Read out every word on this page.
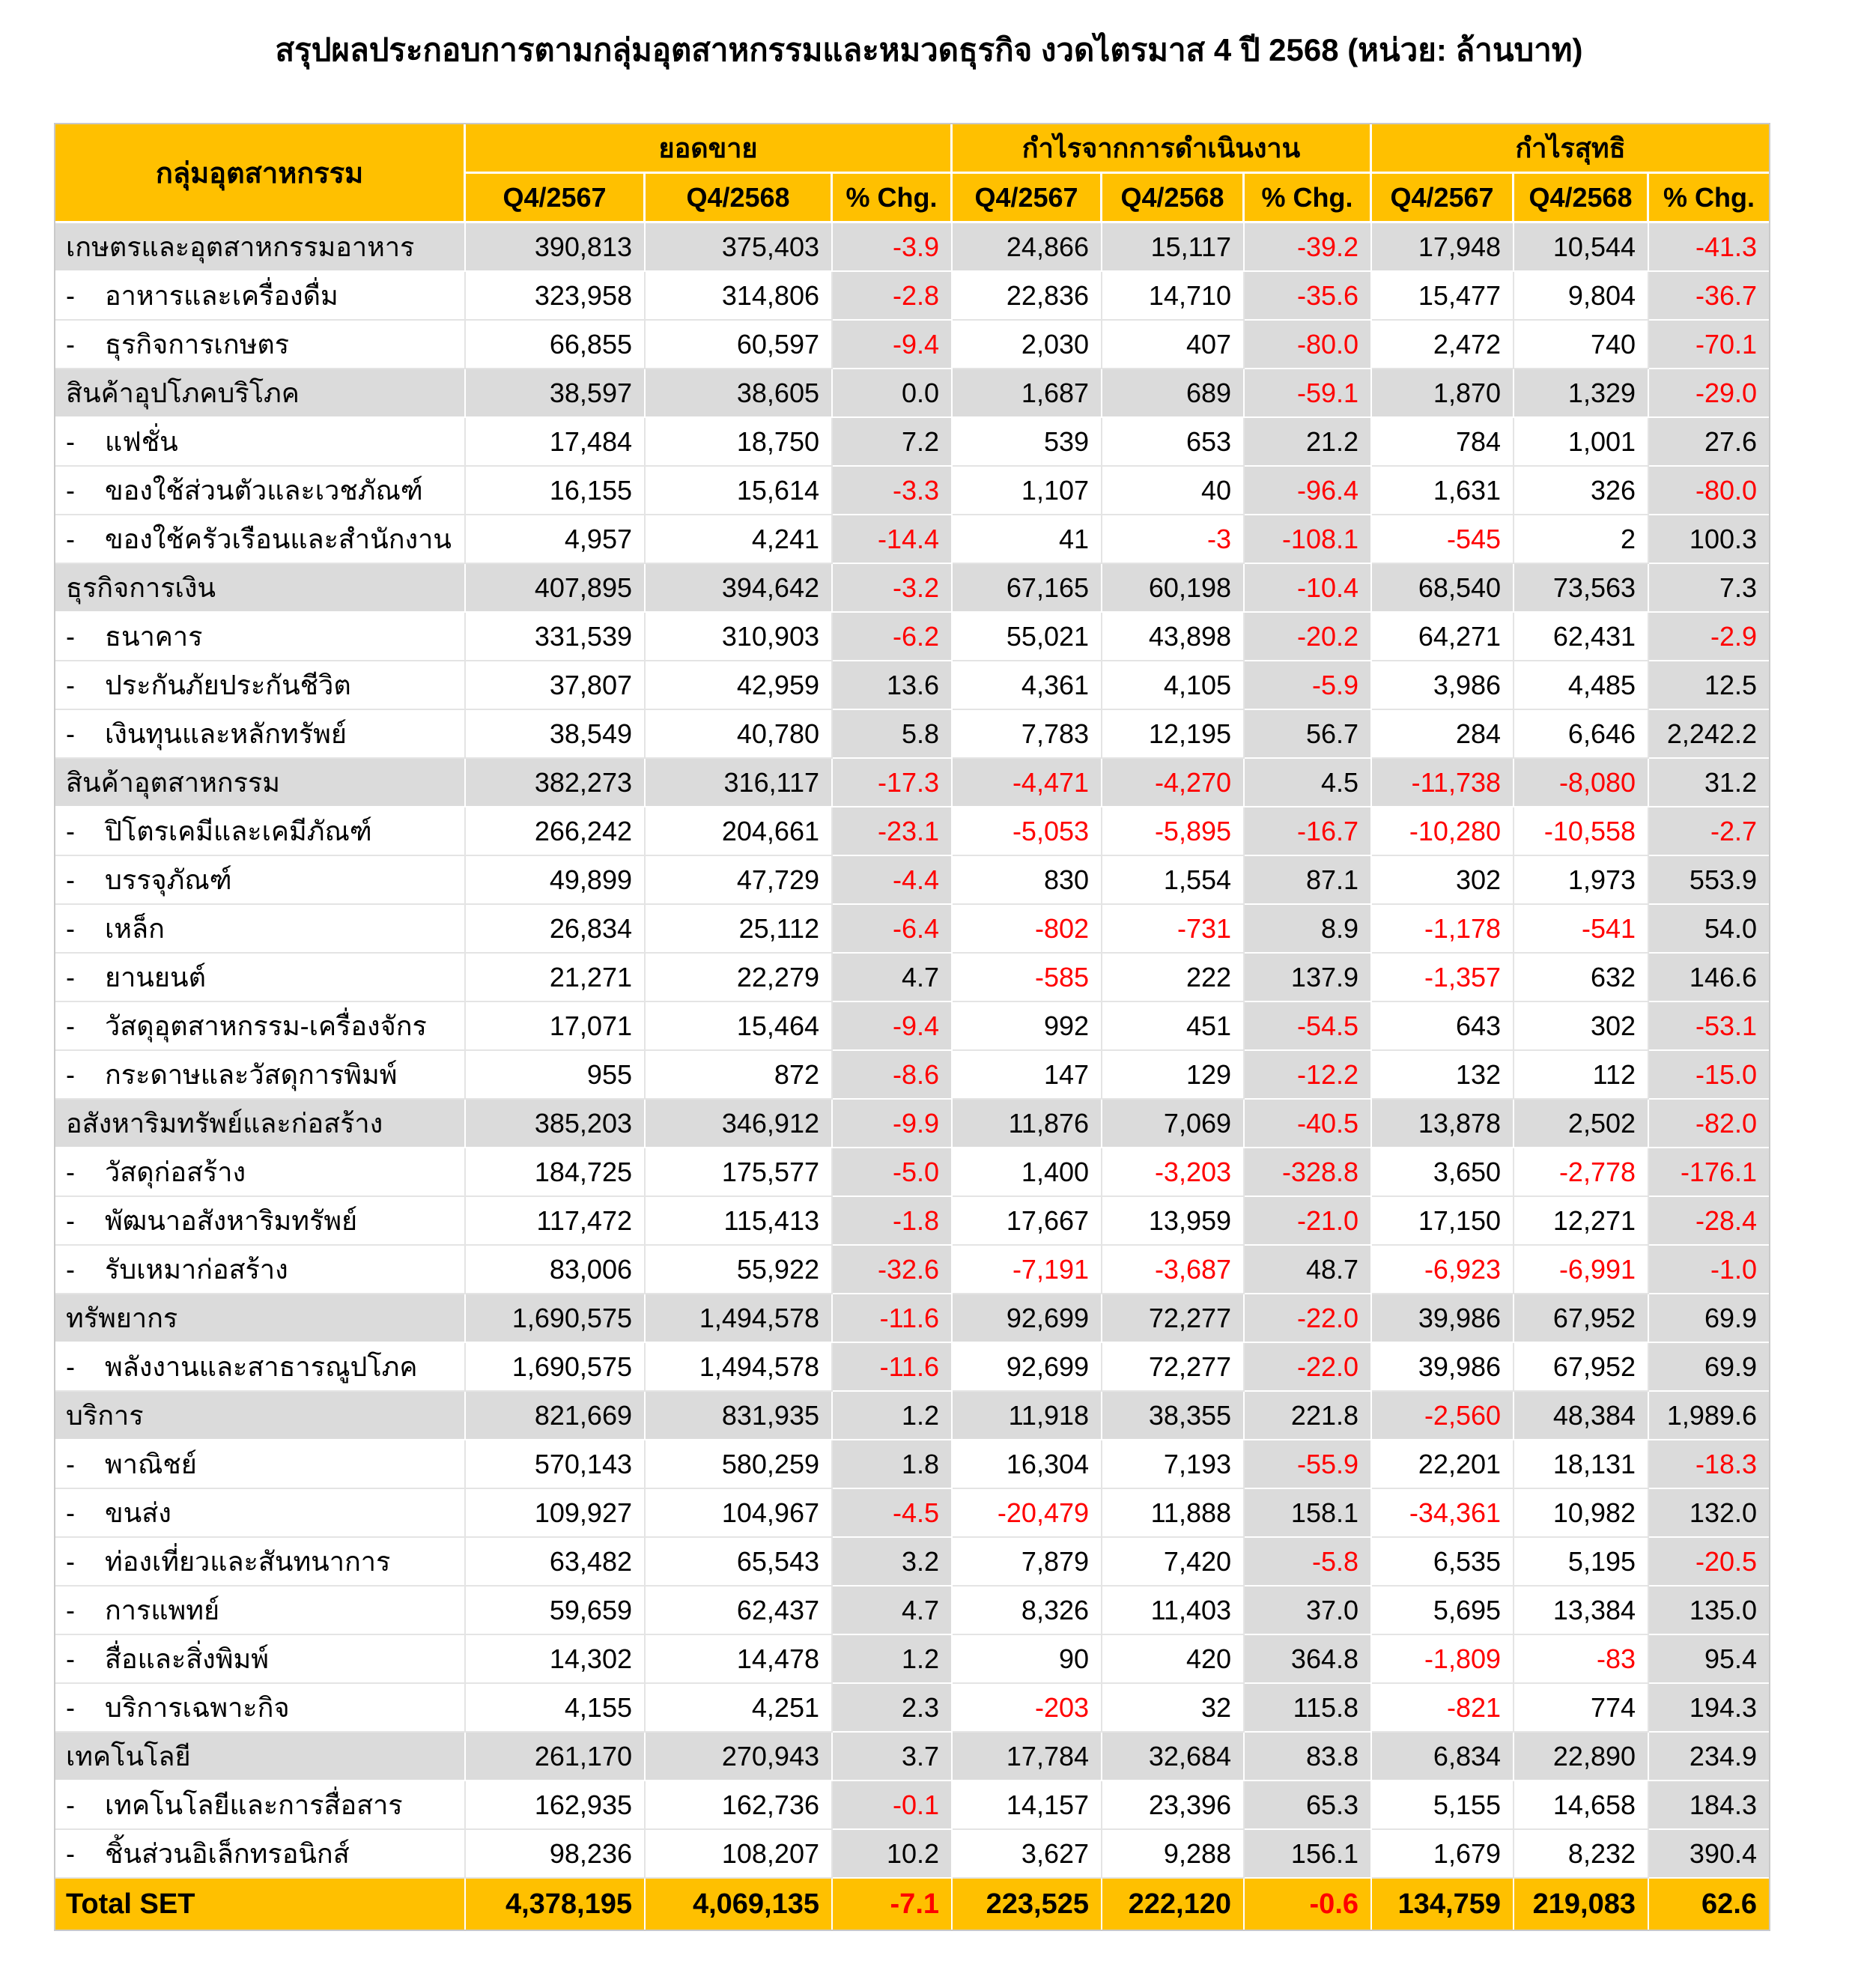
สรุปผลประกอบการตามกลุ่มอุตสาหกรรมและหมวดธุรกิจ งวดไตรมาส 4 ปี 2568 (หน่วย: ล้านบาท)
กลุ่มอุตสาหกรรม	ยอดขาย			กำไรจากการดำเนินงาน			กำไรสุทธิ		
	Q4/2567	Q4/2568	% Chg.	Q4/2567	Q4/2568	% Chg.	Q4/2567	Q4/2568	% Chg.
เกษตรและอุตสาหกรรมอาหาร	390,813	375,403	-3.9	24,866	15,117	-39.2	17,948	10,544	-41.3
- อาหารและเครื่องดื่ม	323,958	314,806	-2.8	22,836	14,710	-35.6	15,477	9,804	-36.7
- ธุรกิจการเกษตร	66,855	60,597	-9.4	2,030	407	-80.0	2,472	740	-70.1
สินค้าอุปโภคบริโภค	38,597	38,605	0.0	1,687	689	-59.1	1,870	1,329	-29.0
- แฟชั่น	17,484	18,750	7.2	539	653	21.2	784	1,001	27.6
- ของใช้ส่วนตัวและเวชภัณฑ์	16,155	15,614	-3.3	1,107	40	-96.4	1,631	326	-80.0
- ของใช้ครัวเรือนและสำนักงาน	4,957	4,241	-14.4	41	-3	-108.1	-545	2	100.3
ธุรกิจการเงิน	407,895	394,642	-3.2	67,165	60,198	-10.4	68,540	73,563	7.3
- ธนาคาร	331,539	310,903	-6.2	55,021	43,898	-20.2	64,271	62,431	-2.9
- ประกันภัยประกันชีวิต	37,807	42,959	13.6	4,361	4,105	-5.9	3,986	4,485	12.5
- เงินทุนและหลักทรัพย์	38,549	40,780	5.8	7,783	12,195	56.7	284	6,646	2,242.2
สินค้าอุตสาหกรรม	382,273	316,117	-17.3	-4,471	-4,270	4.5	-11,738	-8,080	31.2
- ปิโตรเคมีและเคมีภัณฑ์	266,242	204,661	-23.1	-5,053	-5,895	-16.7	-10,280	-10,558	-2.7
- บรรจุภัณฑ์	49,899	47,729	-4.4	830	1,554	87.1	302	1,973	553.9
- เหล็ก	26,834	25,112	-6.4	-802	-731	8.9	-1,178	-541	54.0
- ยานยนต์	21,271	22,279	4.7	-585	222	137.9	-1,357	632	146.6
- วัสดุอุตสาหกรรม-เครื่องจักร	17,071	15,464	-9.4	992	451	-54.5	643	302	-53.1
- กระดาษและวัสดุการพิมพ์	955	872	-8.6	147	129	-12.2	132	112	-15.0
อสังหาริมทรัพย์และก่อสร้าง	385,203	346,912	-9.9	11,876	7,069	-40.5	13,878	2,502	-82.0
- วัสดุก่อสร้าง	184,725	175,577	-5.0	1,400	-3,203	-328.8	3,650	-2,778	-176.1
- พัฒนาอสังหาริมทรัพย์	117,472	115,413	-1.8	17,667	13,959	-21.0	17,150	12,271	-28.4
- รับเหมาก่อสร้าง	83,006	55,922	-32.6	-7,191	-3,687	48.7	-6,923	-6,991	-1.0
ทรัพยากร	1,690,575	1,494,578	-11.6	92,699	72,277	-22.0	39,986	67,952	69.9
- พลังงานและสาธารณูปโภค	1,690,575	1,494,578	-11.6	92,699	72,277	-22.0	39,986	67,952	69.9
บริการ	821,669	831,935	1.2	11,918	38,355	221.8	-2,560	48,384	1,989.6
- พาณิชย์	570,143	580,259	1.8	16,304	7,193	-55.9	22,201	18,131	-18.3
- ขนส่ง	109,927	104,967	-4.5	-20,479	11,888	158.1	-34,361	10,982	132.0
- ท่องเที่ยวและสันทนาการ	63,482	65,543	3.2	7,879	7,420	-5.8	6,535	5,195	-20.5
- การแพทย์	59,659	62,437	4.7	8,326	11,403	37.0	5,695	13,384	135.0
- สื่อและสิ่งพิมพ์	14,302	14,478	1.2	90	420	364.8	-1,809	-83	95.4
- บริการเฉพาะกิจ	4,155	4,251	2.3	-203	32	115.8	-821	774	194.3
เทคโนโลยี	261,170	270,943	3.7	17,784	32,684	83.8	6,834	22,890	234.9
- เทคโนโลยีและการสื่อสาร	162,935	162,736	-0.1	14,157	23,396	65.3	5,155	14,658	184.3
- ชิ้นส่วนอิเล็กทรอนิกส์	98,236	108,207	10.2	3,627	9,288	156.1	1,679	8,232	390.4
Total SET	4,378,195	4,069,135	-7.1	223,525	222,120	-0.6	134,759	219,083	62.6
